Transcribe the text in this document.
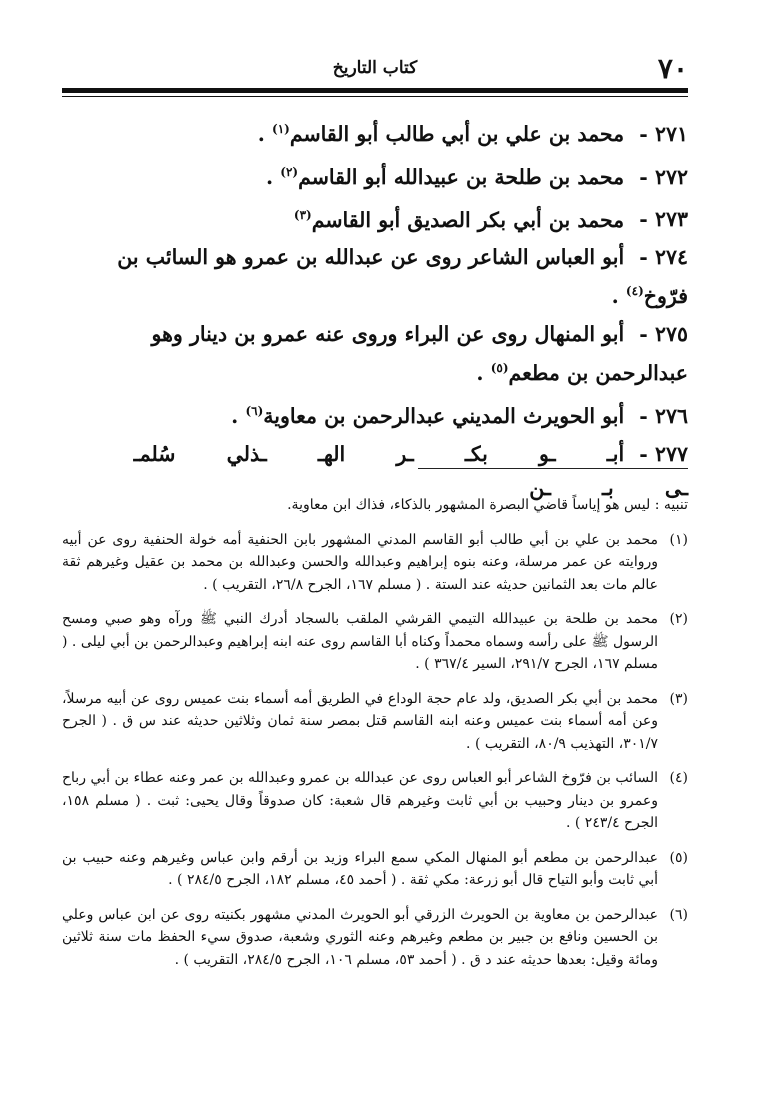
٧٠
كتاب التاريخ
٢٧١ - محمد بن علي بن أبي طالب أبو القاسم$^{(١)}$ .
٢٧٢ - محمد بن طلحة بن عبيدالله أبو القاسم$^{(٢)}$ .
٢٧٣ - محمد بن أبي بكر الصديق أبو القاسم$^{(٣)}$
٢٧٤ - أبو العباس الشاعر روى عن عبدالله بن عمرو هو السائب بن فرّوخ$^{(٤)}$ .
٢٧٥ - أبو المنهال روى عن البراء وروى عنه عمرو بن دينار وهو عبدالرحمن بن مطعم$^{(٥)}$ .
٢٧٦ - أبو الحويرث المديني عبدالرحمن بن معاوية$^{(٦)}$ .
٢٧٧ - أبـ ـو بكـ ـر الهـ ـذلي سُلمـ ـى بـ ـن
تنبيه : ليس هو إياساً قاضي البصرة المشهور بالذكاء، فذاك ابن معاوية.
(١)
محمد بن علي بن أبي طالب أبو القاسم المدني المشهور بابن الحنفية أمه خولة الحنفية روى عن أبيه وروايته عن عمر مرسلة، وعنه بنوه إبراهيم وعبدالله والحسن وعبدالله بن محمد بن عقيل وغيرهم ثقة عالم مات بعد الثمانين حديثه عند الستة . ( مسلم ١٦٧، الجرح ٢٦/٨، التقريب ) .
(٢)
محمد بن طلحة بن عبيدالله التيمي القرشي الملقب بالسجاد أدرك النبي ﷺ ورآه وهو صبي ومسح الرسول ﷺ على رأسه وسماه محمداً وكناه أبا القاسم روى عنه ابنه إبراهيم وعبدالرحمن بن أبي ليلى . ( مسلم ١٦٧، الجرح ٢٩١/٧، السير ٣٦٧/٤ ) .
(٣)
محمد بن أبي بكر الصديق، ولد عام حجة الوداع في الطريق أمه أسماء بنت عميس روى عن أبيه مرسلاً، وعن أمه أسماء بنت عميس وعنه ابنه القاسم قتل بمصر سنة ثمان وثلاثين حديثه عند س ق . ( الجرح ٣٠١/٧، التهذيب ٨٠/٩، التقريب ) .
(٤)
السائب بن فرّوخ الشاعر أبو العباس روى عن عبدالله بن عمرو وعبدالله بن عمر وعنه عطاء بن أبي رباح وعمرو بن دينار وحبيب بن أبي ثابت وغيرهم قال شعبة: كان صدوقاً وقال يحيى: ثبت . ( مسلم ١٥٨، الجرح ٢٤٣/٤ ) .
(٥)
عبدالرحمن بن مطعم أبو المنهال المكي سمع البراء وزيد بن أرقم وابن عباس وغيرهم وعنه حبيب بن أبي ثابت وأبو التياح قال أبو زرعة: مكي ثقة . ( أحمد ٤٥، مسلم ١٨٢، الجرح ٢٨٤/٥ ) .
(٦)
عبدالرحمن بن معاوية بن الحويرث الزرقي أبو الحويرث المدني مشهور بكنيته روى عن ابن عباس وعلي بن الحسين ونافع بن جبير بن مطعم وغيرهم وعنه الثوري وشعبة، صدوق سيء الحفظ مات سنة ثلاثين ومائة وقيل: بعدها حديثه عند د ق . ( أحمد ٥٣، مسلم ١٠٦، الجرح ٢٨٤/٥، التقريب ) .
